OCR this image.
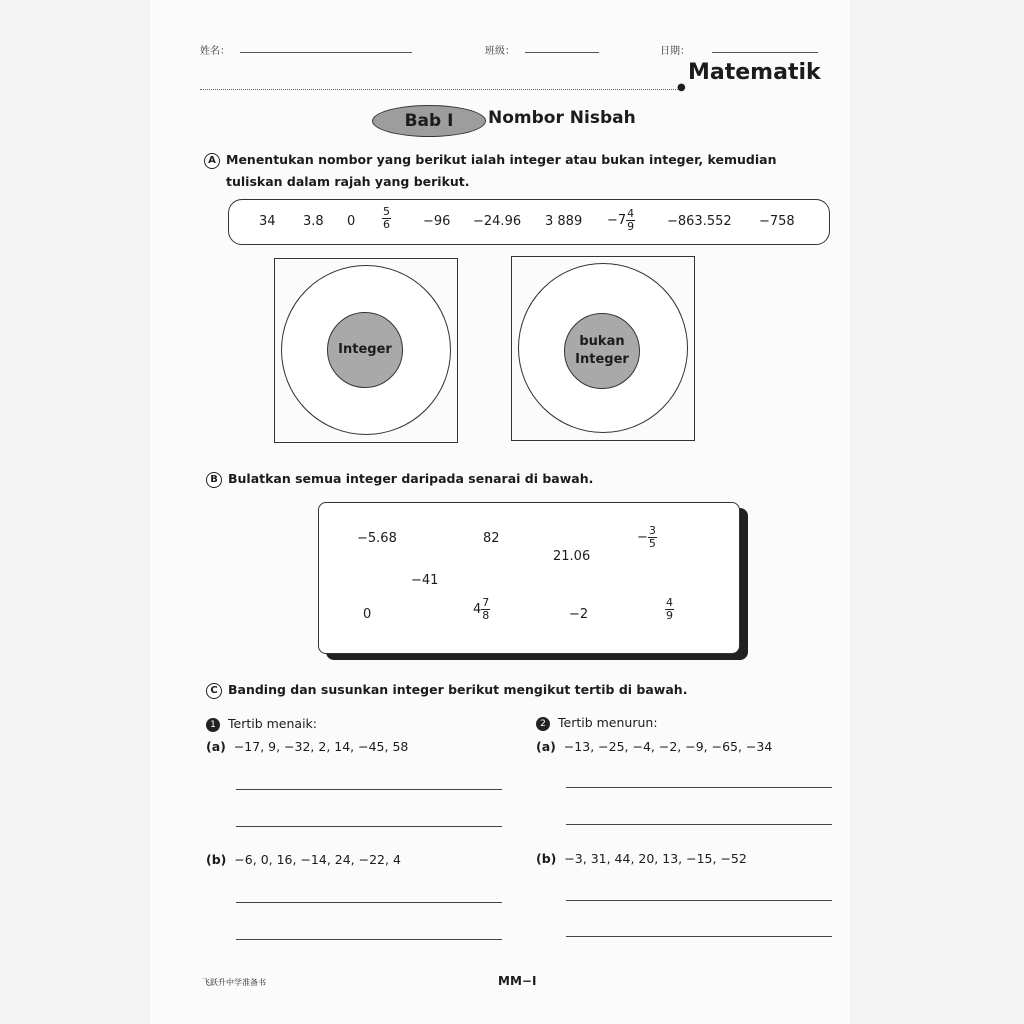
姓名：	班级：	日期：
●
Matematik
Bab I	Nombor Nisbah
A Menentukan nombor yang berikut ialah integer atau bukan integer, kemudian
tuliskan dalam rajah yang berikut.
34 3.8 $0 \frac{5}{6} -96 -24.96$ 3 $889 -7 \frac{4}{9} -863.552 -758$
Integer
bukan
Integer
B Bulatkan semua integer daripada senarai di bawah.
−5.68	82
21.06
− $\frac{3}{5}$
−41
0	$4 \frac{7}{8}$	−2	$\frac{4}{9}$
C Banding dan susunkan integer berikut mengikut tertib di bawah.
1 Tertib menaik:
(a) −17, 9, −32, 2, 14, −45, 58
(b) −6, 0, 16, −14, 24, −22, 4
2 Tertib menurun:
(a) −13, −25, −4, −2, −9, −65, −34
(b) −3, 31, 44, 20, 13, −15, −52
飞跃升中学准备书	MM−I
